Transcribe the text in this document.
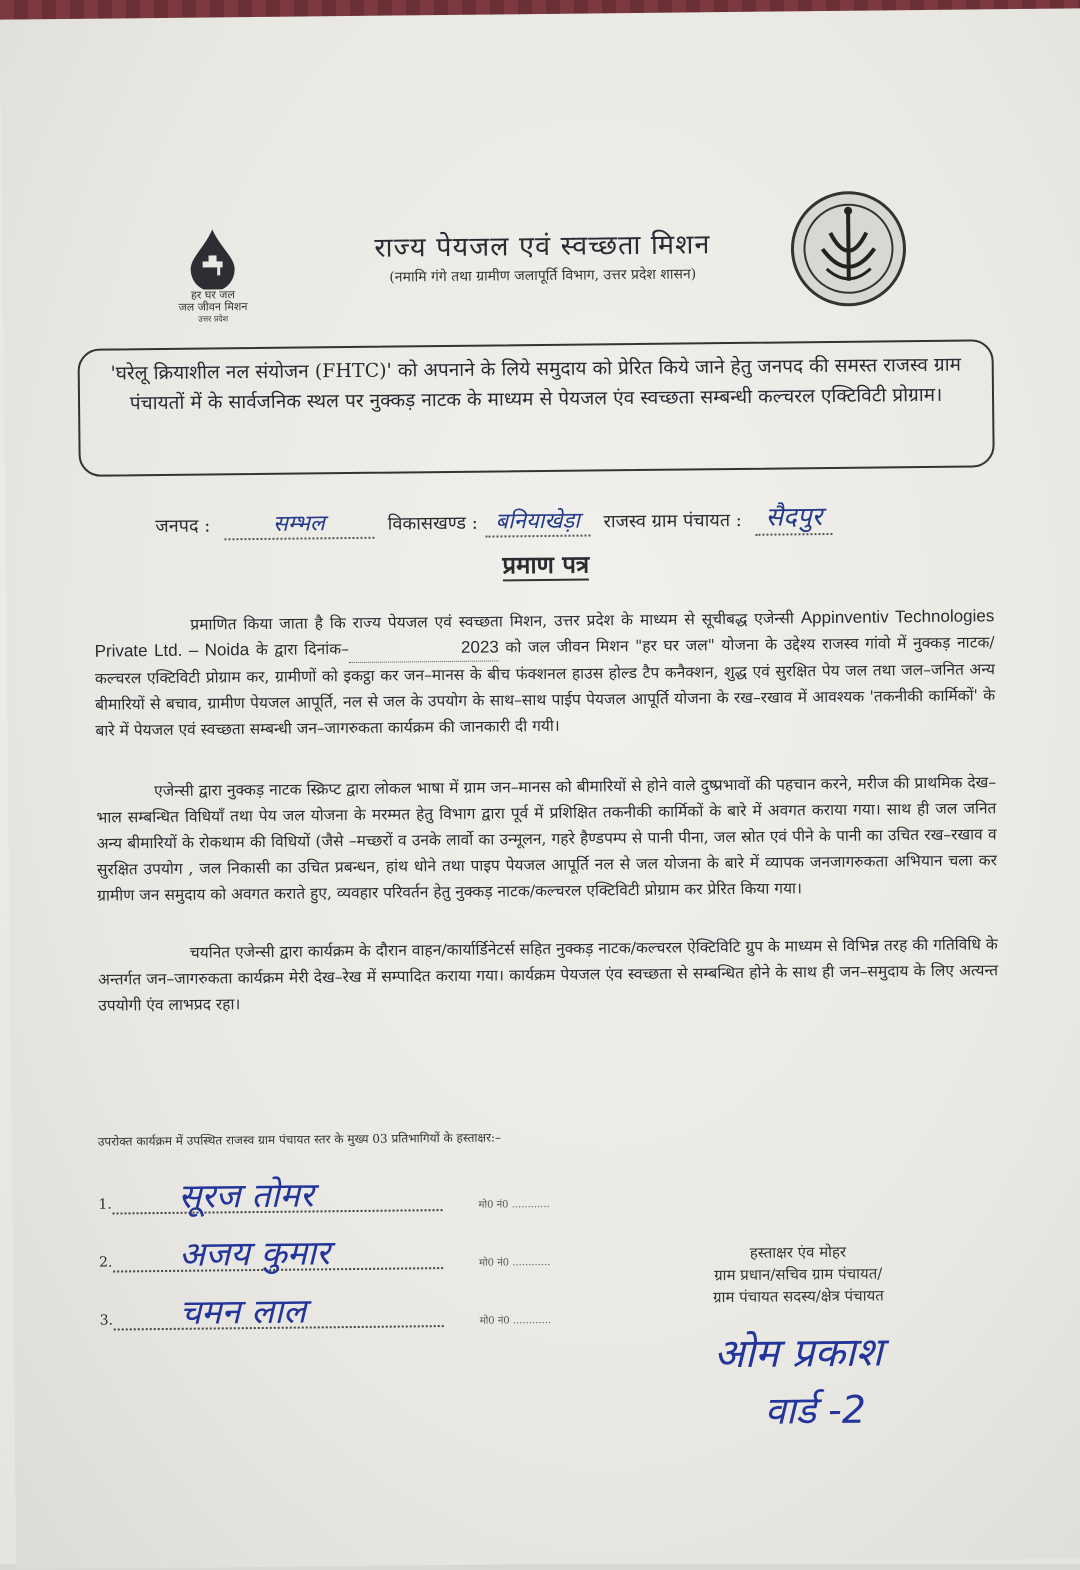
हर घर जल
जल जीवन मिशन
उत्तर प्रदेश
राज्य पेयजल एवं स्वच्छता मिशन
(नमामि गंगे तथा ग्रामीण जलापूर्ति विभाग, उत्तर प्रदेश शासन)
'घरेलू क्रियाशील नल संयोजन (FHTC)' को अपनाने के लिये समुदाय को प्रेरित किये जाने हेतु जनपद की समस्त राजस्व ग्राम पंचायतों में के सार्वजनिक स्थल पर नुक्कड़ नाटक के माध्यम से पेयजल एंव स्वच्छता सम्बन्धी कल्चरल एक्टिविटी प्रोग्राम।
जनपद :	सम्भल	विकासखण्ड : बनियाखेड़ा राजस्व ग्राम पंचायत : सैदपुर
प्रमाण पत्र
प्रमाणित किया जाता है कि राज्य पेयजल एवं स्वच्छता मिशन, उत्तर प्रदेश के माध्यम से सूचीबद्ध एजेन्सी Appinventiv Technologies Private Ltd. – Noida के द्वारा दिनांक–	2023 को जल जीवन मिशन "हर घर जल" योजना के उद्देश्य राजस्व गांवो में नुक्कड़ नाटक/कल्चरल एक्टिविटी प्रोग्राम कर, ग्रामीणों को इकट्ठा कर जन–मानस के बीच फंक्शनल हाउस होल्ड टैप कनैक्शन, शुद्ध एवं सुरक्षित पेय जल तथा जल–जनित अन्य बीमारियों से बचाव, ग्रामीण पेयजल आपूर्ति, नल से जल के उपयोग के साथ–साथ पाईप पेयजल आपूर्ति योजना के रख–रखाव में आवश्यक 'तकनीकी कार्मिकों' के बारे में पेयजल एवं स्वच्छता सम्बन्धी जन–जागरुकता कार्यक्रम की जानकारी दी गयी।
एजेन्सी द्वारा नुक्कड़ नाटक स्क्रिप्ट द्वारा लोकल भाषा में ग्राम जन–मानस को बीमारियों से होने वाले दुष्प्रभावों की पहचान करने, मरीज की प्राथमिक देख–भाल सम्बन्धित विधियाँ तथा पेय जल योजना के मरम्मत हेतु विभाग द्वारा पूर्व में प्रशिक्षित तकनीकी कार्मिकों के बारे में अवगत कराया गया। साथ ही जल जनित अन्य बीमारियों के रोकथाम की विधियों (जैसे –मच्छरों व उनके लार्वो का उन्मूलन, गहरे हैण्डपम्प से पानी पीना, जल स्रोत एवं पीने के पानी का उचित रख–रखाव व सुरक्षित उपयोग , जल निकासी का उचित प्रबन्धन, हांथ धोने तथा पाइप पेयजल आपूर्ति नल से जल योजना के बारे में व्यापक जनजागरुकता अभियान चला कर ग्रामीण जन समुदाय को अवगत कराते हुए, व्यवहार परिवर्तन हेतु नुक्कड़ नाटक/कल्चरल एक्टिविटी प्रोग्राम कर प्रेरित किया गया।
चयनित एजेन्सी द्वारा कार्यक्रम के दौरान वाहन/कार्यार्डिनेटर्स सहित नुक्कड़ नाटक/कल्चरल ऐक्टिविटि ग्रुप के माध्यम से विभिन्न तरह की गतिविधि के अन्तर्गत जन–जागरुकता कार्यक्रम मेरी देख–रेख में सम्पादित कराया गया। कार्यक्रम पेयजल एंव स्वच्छता से सम्बन्धित होने के साथ ही जन–समुदाय के लिए अत्यन्त उपयोगी एंव लाभप्रद रहा।
उपरोक्त कार्यक्रम में उपस्थित राजस्व ग्राम पंचायत स्तर के मुख्य 03 प्रतिभागियों के हस्ताक्षर:–
1. सूरज तोमर	मो0 नं0 ............
2. अजय कुमार	मो0 नं0 ............
3. चमन लाल	मो0 नं0 ............
हस्ताक्षर एंव मोहर
ग्राम प्रधान/सचिव ग्राम पंचायत/
ग्राम पंचायत सदस्य/क्षेत्र पंचायत
ओम प्रकाश
वार्ड -2
